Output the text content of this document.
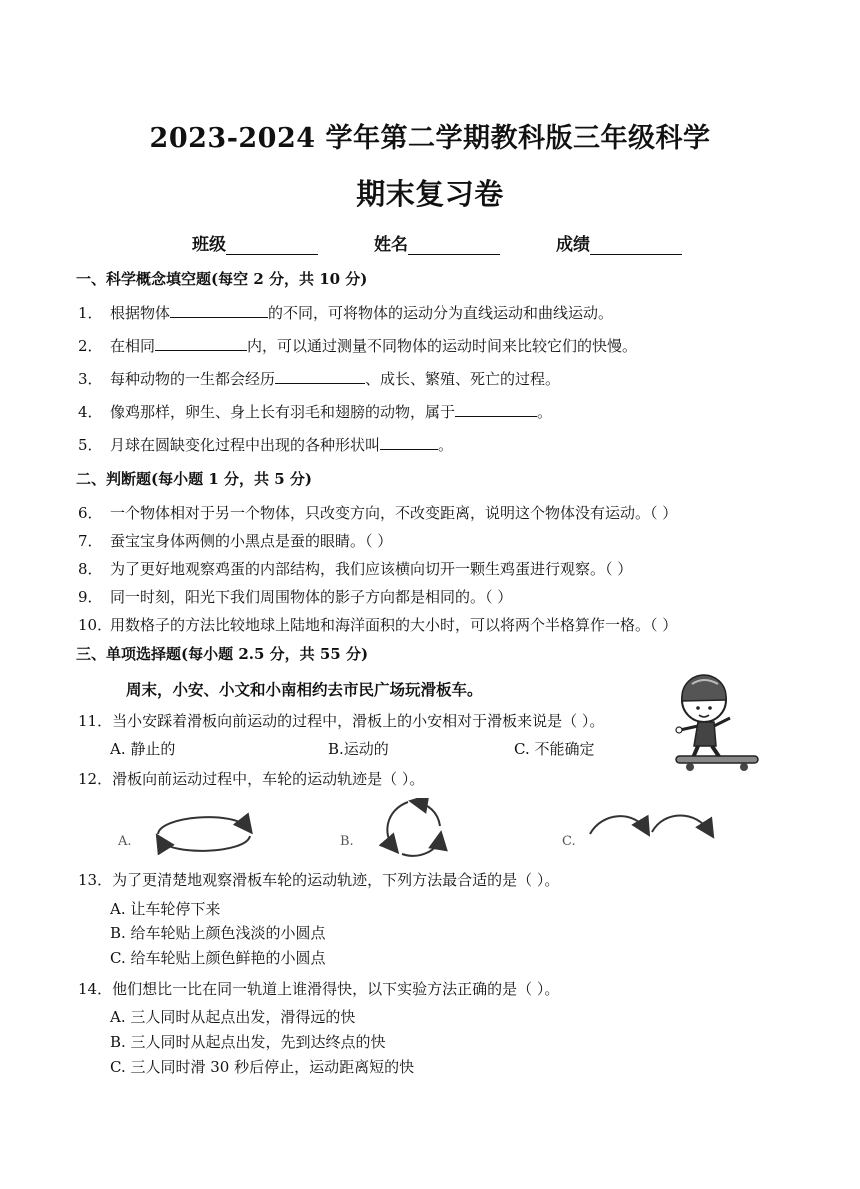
2023-2024 学年第二学期教科版三年级科学
期末复习卷
班级	姓名	成绩
一、科学概念填空题(每空 2 分，共 10 分)
1． 根据物体	的不同，可将物体的运动分为直线运动和曲线运动。
2． 在相同	内，可以通过测量不同物体的运动时间来比较它们的快慢。
3． 每种动物的一生都会经历	、成长、繁殖、死亡的过程。
4． 像鸡那样，卵生、身上长有羽毛和翅膀的动物，属于	。
5． 月球在圆缺变化过程中出现的各种形状叫	。
二、判断题(每小题 1 分，共 5 分)
6． 一个物体相对于另一个物体，只改变方向，不改变距离，说明这个物体没有运动。（ ）
7． 蚕宝宝身体两侧的小黑点是蚕的眼睛。（ ）
8． 为了更好地观察鸡蛋的内部结构，我们应该横向切开一颗生鸡蛋进行观察。（ ）
9． 同一时刻，阳光下我们周围物体的影子方向都是相同的。（ ）
10．
用数格子的方法比较地球上陆地和海洋面积的大小时，可以将两个半格算作一格。（ ）
三、单项选择题(每小题 2.5 分，共 55 分)
周末，小安、小文和小南相约去市民广场玩滑板车。
11．当小安踩着滑板向前运动的过程中，滑板上的小安相对于滑板来说是（ ）。
A. 静止的	B.运动的	C. 不能确定
12．滑板向前运动过程中，车轮的运动轨迹是（ ）。
A.	B.	C.
13．为了更清楚地观察滑板车轮的运动轨迹，下列方法最合适的是（ ）。
A. 让车轮停下来
B. 给车轮贴上颜色浅淡的小圆点
C. 给车轮贴上颜色鲜艳的小圆点
14．他们想比一比在同一轨道上谁滑得快，以下实验方法正确的是（ ）。
A. 三人同时从起点出发，滑得远的快
B. 三人同时从起点出发，先到达终点的快
C. 三人同时滑 30 秒后停止，运动距离短的快
